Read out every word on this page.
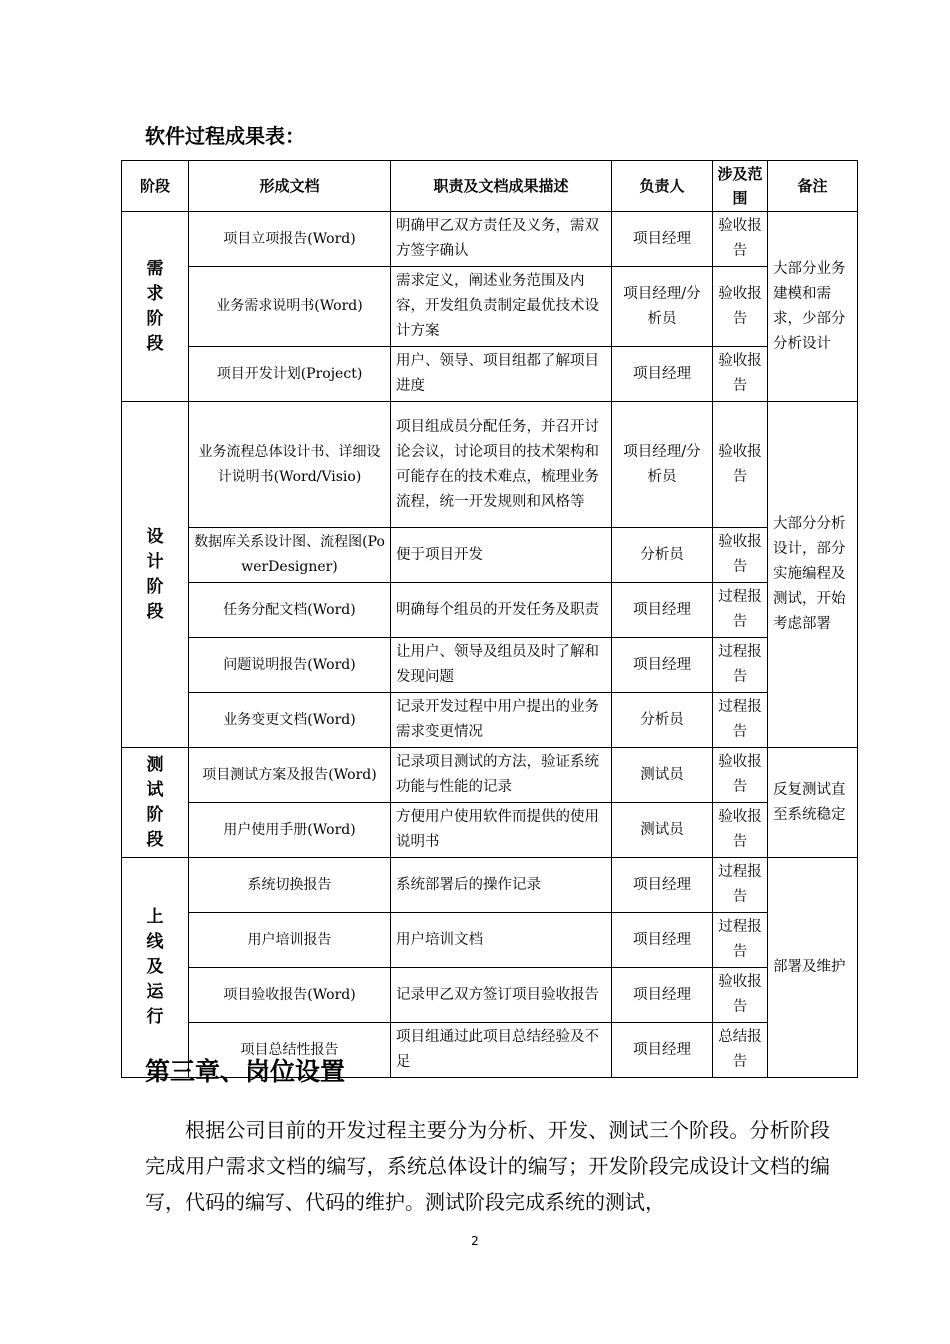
软件过程成果表：
阶段	形成文档	职责及文档成果描述	负责人	涉及范围	备注
需求阶段	项目立项报告(Word)	明确甲乙双方责任及义务，需双方签字确认	项目经理	验收报告	大部分业务建模和需求，少部分分析设计
	业务需求说明书(Word)	需求定义，阐述业务范围及内容，开发组负责制定最优技术设计方案	项目经理/分析员	验收报告	
	项目开发计划(Project)	用户、领导、项目组都了解项目进度	项目经理	验收报告	
设计阶段	业务流程总体设计书、详细设计说明书(Word/Visio)	项目组成员分配任务，并召开讨论会议，讨论项目的技术架构和可能存在的技术难点，梳理业务流程，统一开发规则和风格等	项目经理/分析员	验收报告	大部分分析设计，部分实施编程及测试，开始考虑部署
	数据库关系设计图、流程图(PowerDesigner)	便于项目开发	分析员	验收报告	
	任务分配文档(Word)	明确每个组员的开发任务及职责	项目经理	过程报告	
	问题说明报告(Word)	让用户、领导及组员及时了解和发现问题	项目经理	过程报告	
	业务变更文档(Word)	记录开发过程中用户提出的业务需求变更情况	分析员	过程报告	
测试阶段	项目测试方案及报告(Word)	记录项目测试的方法，验证系统功能与性能的记录	测试员	验收报告	反复测试直至系统稳定
	用户使用手册(Word)	方便用户使用软件而提供的使用说明书	测试员	验收报告	
上线及运行	系统切换报告	系统部署后的操作记录	项目经理	过程报告	部署及维护
	用户培训报告	用户培训文档	项目经理	过程报告	
	项目验收报告(Word)	记录甲乙双方签订项目验收报告	项目经理	验收报告	
	项目总结性报告	项目组通过此项目总结经验及不足	项目经理	总结报告	
第三章、岗位设置

根据公司目前的开发过程主要分为分析、开发、测试三个阶段。分析阶段完成用户需求文档的编写，系统总体设计的编写；开发阶段完成设计文档的编写，代码的编写、代码的维护。测试阶段完成系统的测试，

2
